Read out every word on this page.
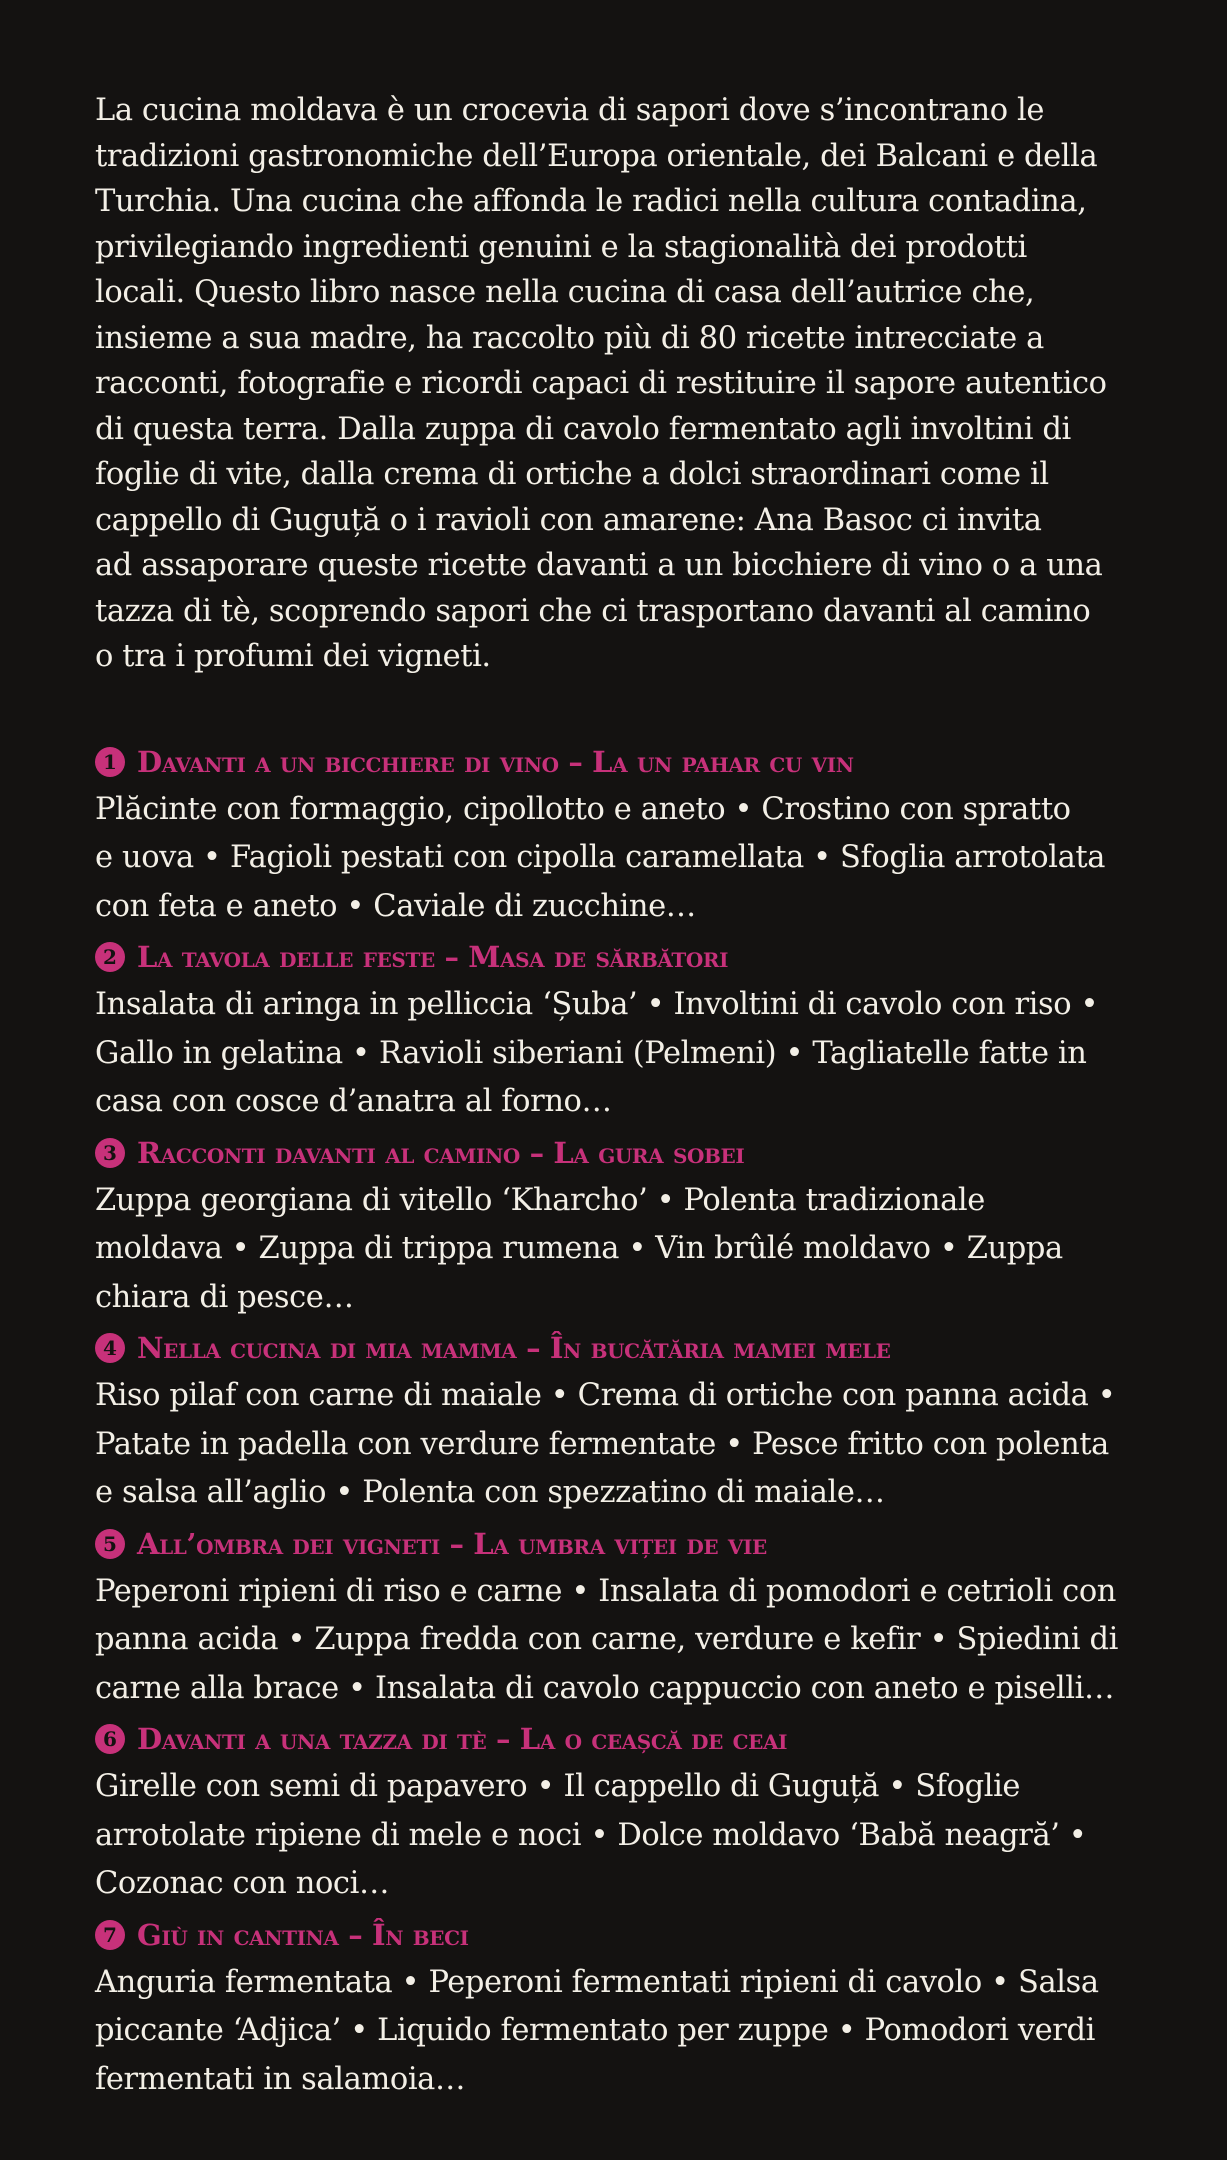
La cucina moldava è un crocevia di sapori dove s’incontrano le
tradizioni gastronomiche dell’Europa orientale, dei Balcani e della
Turchia. Una cucina che affonda le radici nella cultura contadina,
privilegiando ingredienti genuini e la stagionalità dei prodotti
locali. Questo libro nasce nella cucina di casa dell’autrice che,
insieme a sua madre, ha raccolto più di 80 ricette intrecciate a
racconti, fotografie e ricordi capaci di restituire il sapore autentico
di questa terra. Dalla zuppa di cavolo fermentato agli involtini di
foglie di vite, dalla crema di ortiche a dolci straordinari come il
cappello di Guguță o i ravioli con amarene: Ana Basoc ci invita
ad assaporare queste ricette davanti a un bicchiere di vino o a una
tazza di tè, scoprendo sapori che ci trasportano davanti al camino
o tra i profumi dei vigneti.

1 Davanti a un bicchiere di vino – La un pahar cu vin
Plăcinte con formaggio, cipollotto e aneto • Crostino con spratto
e uova • Fagioli pestati con cipolla caramellata • Sfoglia arrotolata
con feta e aneto • Caviale di zucchine…
2 La tavola delle feste – Masa de sărbători
Insalata di aringa in pelliccia ‘Șuba’ • Involtini di cavolo con riso •
Gallo in gelatina • Ravioli siberiani (Pelmeni) • Tagliatelle fatte in
casa con cosce d’anatra al forno…
3 Racconti davanti al camino – La gura sobei
Zuppa georgiana di vitello ‘Kharcho’ • Polenta tradizionale
moldava • Zuppa di trippa rumena • Vin brûlé moldavo • Zuppa
chiara di pesce…
4 Nella cucina di mia mamma – În bucătăria mamei mele
Riso pilaf con carne di maiale • Crema di ortiche con panna acida •
Patate in padella con verdure fermentate • Pesce fritto con polenta
e salsa all’aglio • Polenta con spezzatino di maiale…
5 All’ombra dei vigneti – La umbra viței de vie
Peperoni ripieni di riso e carne • Insalata di pomodori e cetrioli con
panna acida • Zuppa fredda con carne, verdure e kefir • Spiedini di
carne alla brace • Insalata di cavolo cappuccio con aneto e piselli…
6 Davanti a una tazza di tè – La o ceașcă de ceai
Girelle con semi di papavero • Il cappello di Guguță • Sfoglie
arrotolate ripiene di mele e noci • Dolce moldavo ‘Babă neagră’ •
Cozonac con noci…
7 Giù in cantina – În beci
Anguria fermentata • Peperoni fermentati ripieni di cavolo • Salsa
piccante ‘Adjica’ • Liquido fermentato per zuppe • Pomodori verdi
fermentati in salamoia…
